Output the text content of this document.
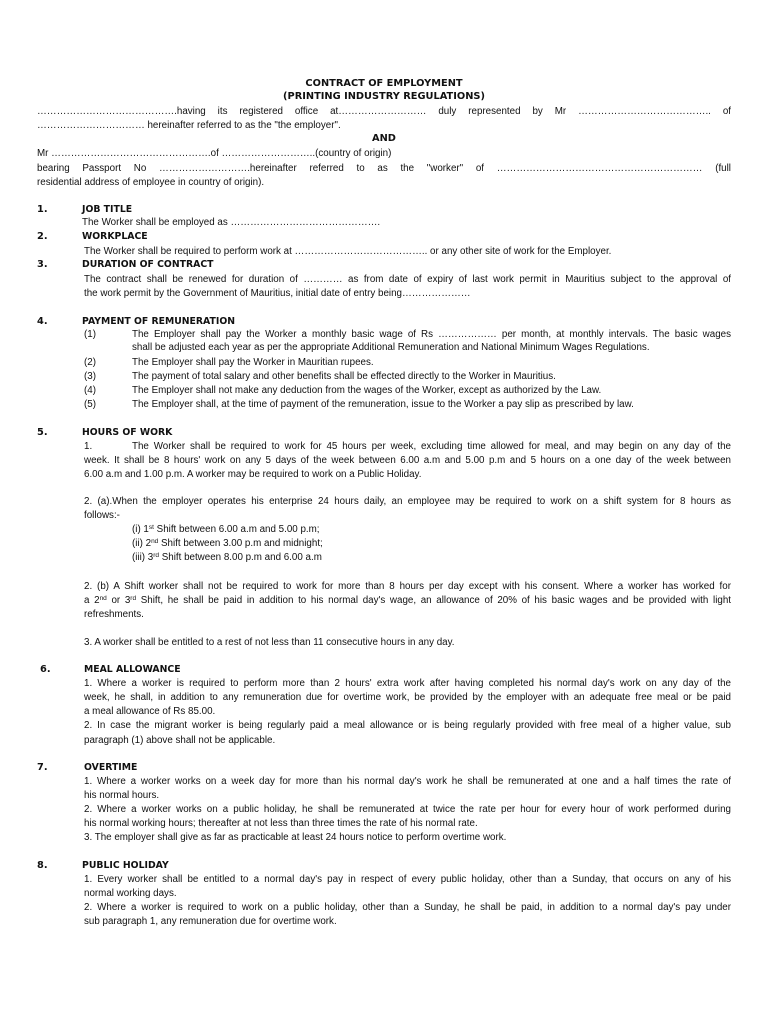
CONTRACT OF EMPLOYMENT
(PRINTING INDUSTRY REGULATIONS)
…………………………………….having its registered office at……………………… duly represented by Mr ………………………………….. of
…………………………… hereinafter referred to as the "the employer".
AND
Mr ………………………………………….of ………………………..(country of origin)
bearing Passport No ……………………….hereinafter referred to as the "worker" of ……………………………………………………… (full
residential address of employee in country of origin).
1.	JOB TITLE
The Worker shall be employed as ……………………………………….
2.	WORKPLACE
The Worker shall be required to perform work at ………………………………….. or any other site of work for the Employer.
3.	DURATION OF CONTRACT
The contract shall be renewed for duration of ………… as from date of expiry of last work permit in Mauritius subject to the approval of
the work permit by the Government of Mauritius, initial date of entry being…………………
4.	PAYMENT OF REMUNERATION
(1)	The Employer shall pay the Worker a monthly basic wage of Rs ……………… per month, at monthly intervals. The basic wages
shall be adjusted each year as per the appropriate Additional Remuneration and National Minimum Wages Regulations.
(2)	The Employer shall pay the Worker in Mauritian rupees.
(3)	The payment of total salary and other benefits shall be effected directly to the Worker in Mauritius.
(4)	The Employer shall not make any deduction from the wages of the Worker, except as authorized by the Law.
(5)	The Employer shall, at the time of payment of the remuneration, issue to the Worker a pay slip as prescribed by law.
5.	HOURS OF WORK
1.	The Worker shall be required to work for 45 hours per week, excluding time allowed for meal, and may begin on any day of the
week. It shall be 8 hours' work on any 5 days of the week between 6.00 a.m and 5.00 p.m and 5 hours on a one day of the week between
6.00 a.m and 1.00 p.m. A worker may be required to work on a Public Holiday.
2. (a).When the employer operates his enterprise 24 hours daily, an employee may be required to work on a shift system for 8 hours as
follows:-
(i) 1st Shift between 6.00 a.m and 5.00 p.m;
(ii) 2nd Shift between 3.00 p.m and midnight;
(iii) 3rd Shift between 8.00 p.m and 6.00 a.m
2. (b) A Shift worker shall not be required to work for more than 8 hours per day except with his consent. Where a worker has worked for
a 2nd or 3rd Shift, he shall be paid in addition to his normal day's wage, an allowance of 20% of his basic wages and be provided with light
refreshments.
3. A worker shall be entitled to a rest of not less than 11 consecutive hours in any day.
6.	MEAL ALLOWANCE
1. Where a worker is required to perform more than 2 hours' extra work after having completed his normal day's work on any day of the
week, he shall, in addition to any remuneration due for overtime work, be provided by the employer with an adequate free meal or be paid
a meal allowance of Rs 85.00.
2. In case the migrant worker is being regularly paid a meal allowance or is being regularly provided with free meal of a higher value, sub
paragraph (1) above shall not be applicable.
7.	OVERTIME
1. Where a worker works on a week day for more than his normal day's work he shall be remunerated at one and a half times the rate of
his normal hours.
2. Where a worker works on a public holiday, he shall be remunerated at twice the rate per hour for every hour of work performed during
his normal working hours; thereafter at not less than three times the rate of his normal rate.
3. The employer shall give as far as practicable at least 24 hours notice to perform overtime work.
8.	PUBLIC HOLIDAY
1. Every worker shall be entitled to a normal day's pay in respect of every public holiday, other than a Sunday, that occurs on any of his
normal working days.
2. Where a worker is required to work on a public holiday, other than a Sunday, he shall be paid, in addition to a normal day's pay under
sub paragraph 1, any remuneration due for overtime work.
